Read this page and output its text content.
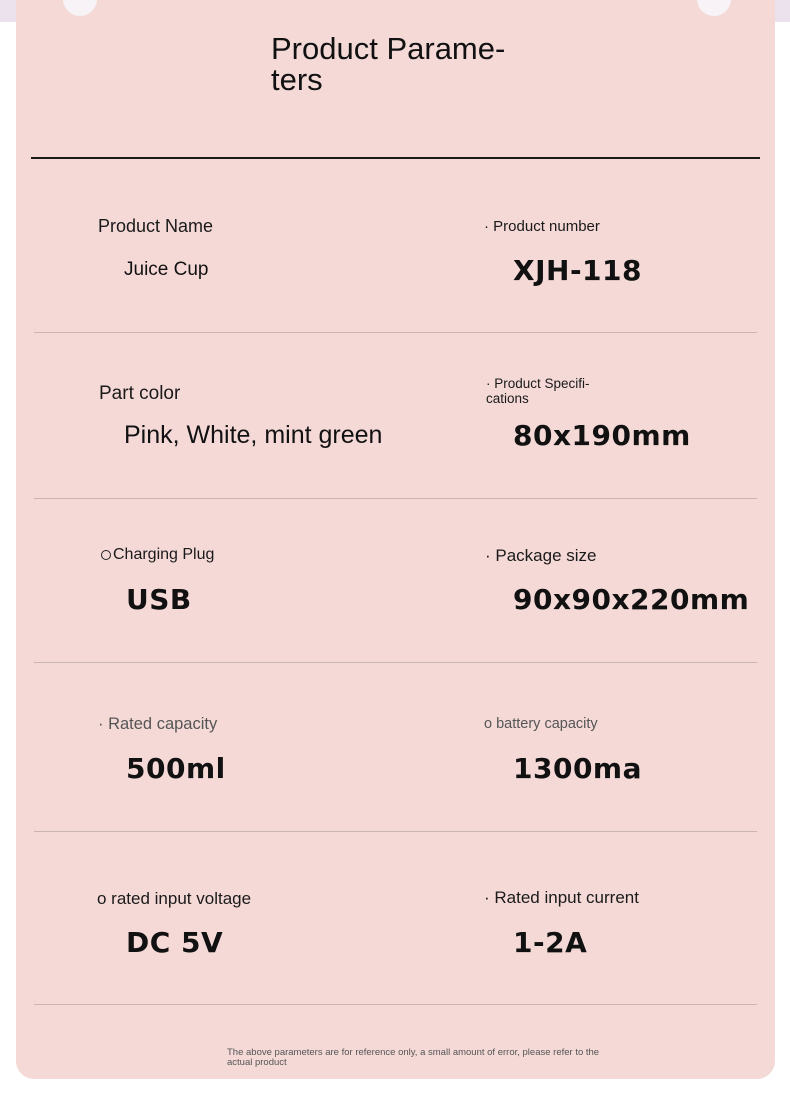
Product Parame-
ters
Product Name
Juice Cup
· Product number
XJH-118
Part color
Pink, White, mint green
· Product Specifi-
cations
80x190mm
Charging Plug
USB
· Package size
90x90x220mm
· Rated capacity
500ml
o battery capacity
1300ma
o rated input voltage
DC 5V
· Rated input current
1-2A
The above parameters are for reference only, a small amount of error, please refer to the actual product
